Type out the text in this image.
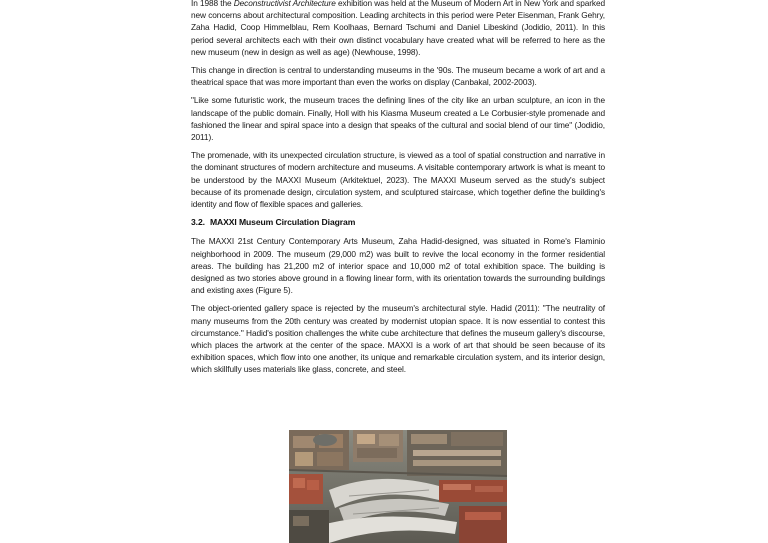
In 1988 the Deconstructivist Architecture exhibition was held at the Museum of Modern Art in New York and sparked new concerns about architectural composition. Leading architects in this period were Peter Eisenman, Frank Gehry, Zaha Hadid, Coop Himmelblau, Rem Koolhaas, Bernard Tschumi and Daniel Libeskind (Jodidio, 2011). In this period several architects each with their own distinct vocabulary have created what will be referred to here as the new museum (new in design as well as age) (Newhouse, 1998).

This change in direction is central to understanding museums in the '90s. The museum became a work of art and a theatrical space that was more important than even the works on display (Canbakal, 2002-2003).

"Like some futuristic work, the museum traces the defining lines of the city like an urban sculpture, an icon in the landscape of the public domain. Finally, Holl with his Kiasma Museum created a Le Corbusier-style promenade and fashioned the linear and spiral space into a design that speaks of the cultural and social blend of our time" (Jodidio, 2011).

The promenade, with its unexpected circulation structure, is viewed as a tool of spatial construction and narrative in the dominant structures of modern architecture and museums. A visitable contemporary artwork is what is meant to be understood by the MAXXI Museum (Arkitektuel, 2023). The MAXXI Museum served as the study's subject because of its promenade design, circulation system, and sculptured staircase, which together define the building's identity and flow of flexible spaces and galleries.

3.2. MAXXI Museum Circulation Diagram

The MAXXI 21st Century Contemporary Arts Museum, Zaha Hadid-designed, was situated in Rome's Flaminio neighborhood in 2009. The museum (29,000 m2) was built to revive the local economy in the former residential areas. The building has 21,200 m2 of interior space and 10,000 m2 of total exhibition space. The building is designed as two stories above ground in a flowing linear form, with its orientation towards the surrounding buildings and existing axes (Figure 5).

The object-oriented gallery space is rejected by the museum's architectural style. Hadid (2011): "The neutrality of many museums from the 20th century was created by modernist utopian space. It is now essential to contest this circumstance." Hadid's position challenges the white cube architecture that defines the museum gallery's discourse, which places the artwork at the center of the space. MAXXI is a work of art that should be seen because of its exhibition spaces, which flow into one another, its unique and remarkable circulation system, and its interior design, which skillfully uses materials like glass, concrete, and steel.
